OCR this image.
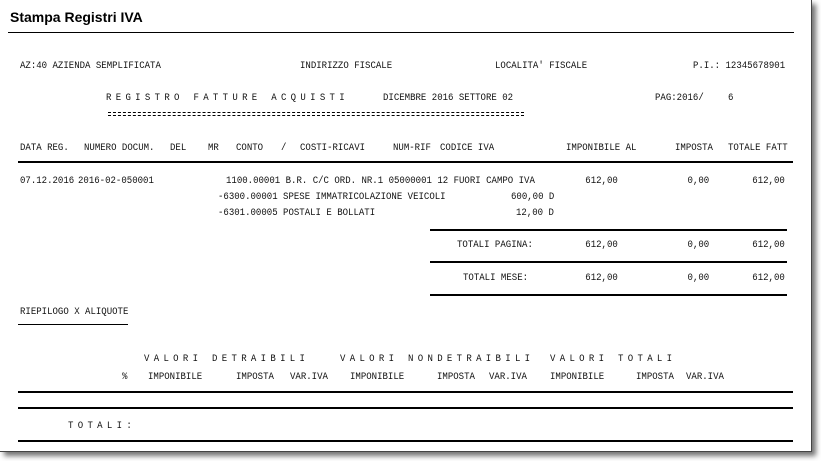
Stampa Registri IVA
AZ:40 AZIENDA SEMPLIFICATA	INDIRIZZO FISCALE	LOCALITA' FISCALE	P.I.: 12345678901
REGISTRO FATTURE ACQUISTI	DICEMBRE 2016 SETTORE 02	PAG:2016/ 6
DATA REG. NUMERO DOCUM. DEL MR CONTO / COSTI-RICAVI	NUM-RIF CODICE IVA	IMPONIBILE AL	IMPOSTA TOTALE FATT
07.12.2016 2016-02-050001	1100.00001 B.R. C/C ORD. NR.1 05000001 12 FUORI CAMPO IVA	612,00	0,00	612,00
-6300.00001 SPESE IMMATRICOLAZIONE VEICOLI	600,00 D
-6301.00005 POSTALI E BOLLATI	12,00 D
TOTALI PAGINA:	612,00	0,00	612,00
TOTALI MESE:	612,00	0,00	612,00
RIEPILOGO X ALIQUOTE
VALORI DETRAIBILI	VALORI NONDETRAIBILI VALORI TOTALI
% IMPONIBILE	IMPOSTA VAR.IVA IMPONIBILE	IMPOSTA VAR.IVA IMPONIBILE	IMPOSTA VAR.IVA
TOTALI:
